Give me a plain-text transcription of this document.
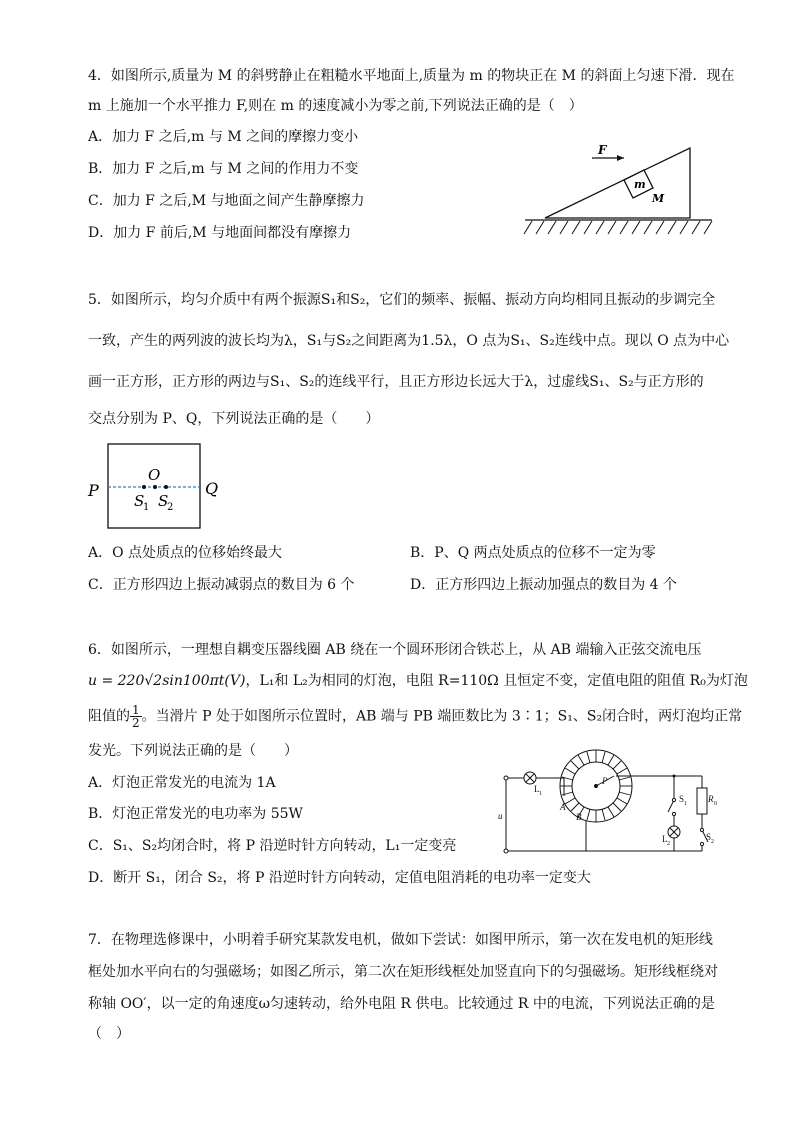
4．如图所示,质量为 M 的斜劈静止在粗糙水平地面上,质量为 m 的物块正在 M 的斜面上匀速下滑．现在
m 上施加一个水平推力 F,则在 m 的速度减小为零之前,下列说法正确的是（　）
A．加力 F 之后,m 与 M 之间的摩擦力变小
B．加力 F 之后,m 与 M 之间的作用力不变
C．加力 F 之后,M 与地面之间产生静摩擦力
D．加力 F 前后,M 与地面间都没有摩擦力
F
m
M
5．如图所示，均匀介质中有两个振源S₁和S₂，它们的频率、振幅、振动方向均相同且振动的步调完全
一致，产生的两列波的波长均为λ，S₁与S₂之间距离为1.5λ，O 点为S₁、S₂连线中点。现以 O 点为中心
画一正方形，正方形的两边与S₁、S₂的连线平行，且正方形边长远大于λ，过虚线S₁、S₂与正方形的
交点分别为 P、Q，下列说法正确的是（　　）
P	Q
O
S
1 S
2
A．O 点处质点的位移始终最大	B．P、Q 两点处质点的位移不一定为零
C．正方形四边上振动减弱点的数目为 6 个	D．正方形四边上振动加强点的数目为 4 个
6．如图所示，一理想自耦变压器线圈 AB 绕在一个圆环形闭合铁芯上，从 AB 端输入正弦交流电压
u = 220√2sin100πt(V)，L₁和 L₂为相同的灯泡，电阻 R=110Ω 且恒定不变，定值电阻的阻值 R₀为灯泡
阻值的 $\frac{1}{2}$ 。当滑片 P 处于如图所示位置时，AB 端与 PB 端匝数比为 3∶1；S₁、S₂闭合时，两灯泡均正常
发光。下列说法正确的是（　　）
A．灯泡正常发光的电流为 1A
B．灯泡正常发光的电功率为 55W
C．S₁、S₂均闭合时，将 P 沿逆时针方向转动，L₁一定变亮
D．断开 S₁，闭合 S₂，将 P 沿逆时针方向转动，定值电阻消耗的电功率一定变大
L 1
A
B
P
S 1
L 2
R 0
S 2
u
7．在物理选修课中，小明着手研究某款发电机，做如下尝试：如图甲所示，第一次在发电机的矩形线
框处加水平向右的匀强磁场；如图乙所示，第二次在矩形线框处加竖直向下的匀强磁场。矩形线框绕对
称轴 OO′，以一定的角速度ω匀速转动，给外电阻 R 供电。比较通过 R 中的电流，下列说法正确的是
（　）
